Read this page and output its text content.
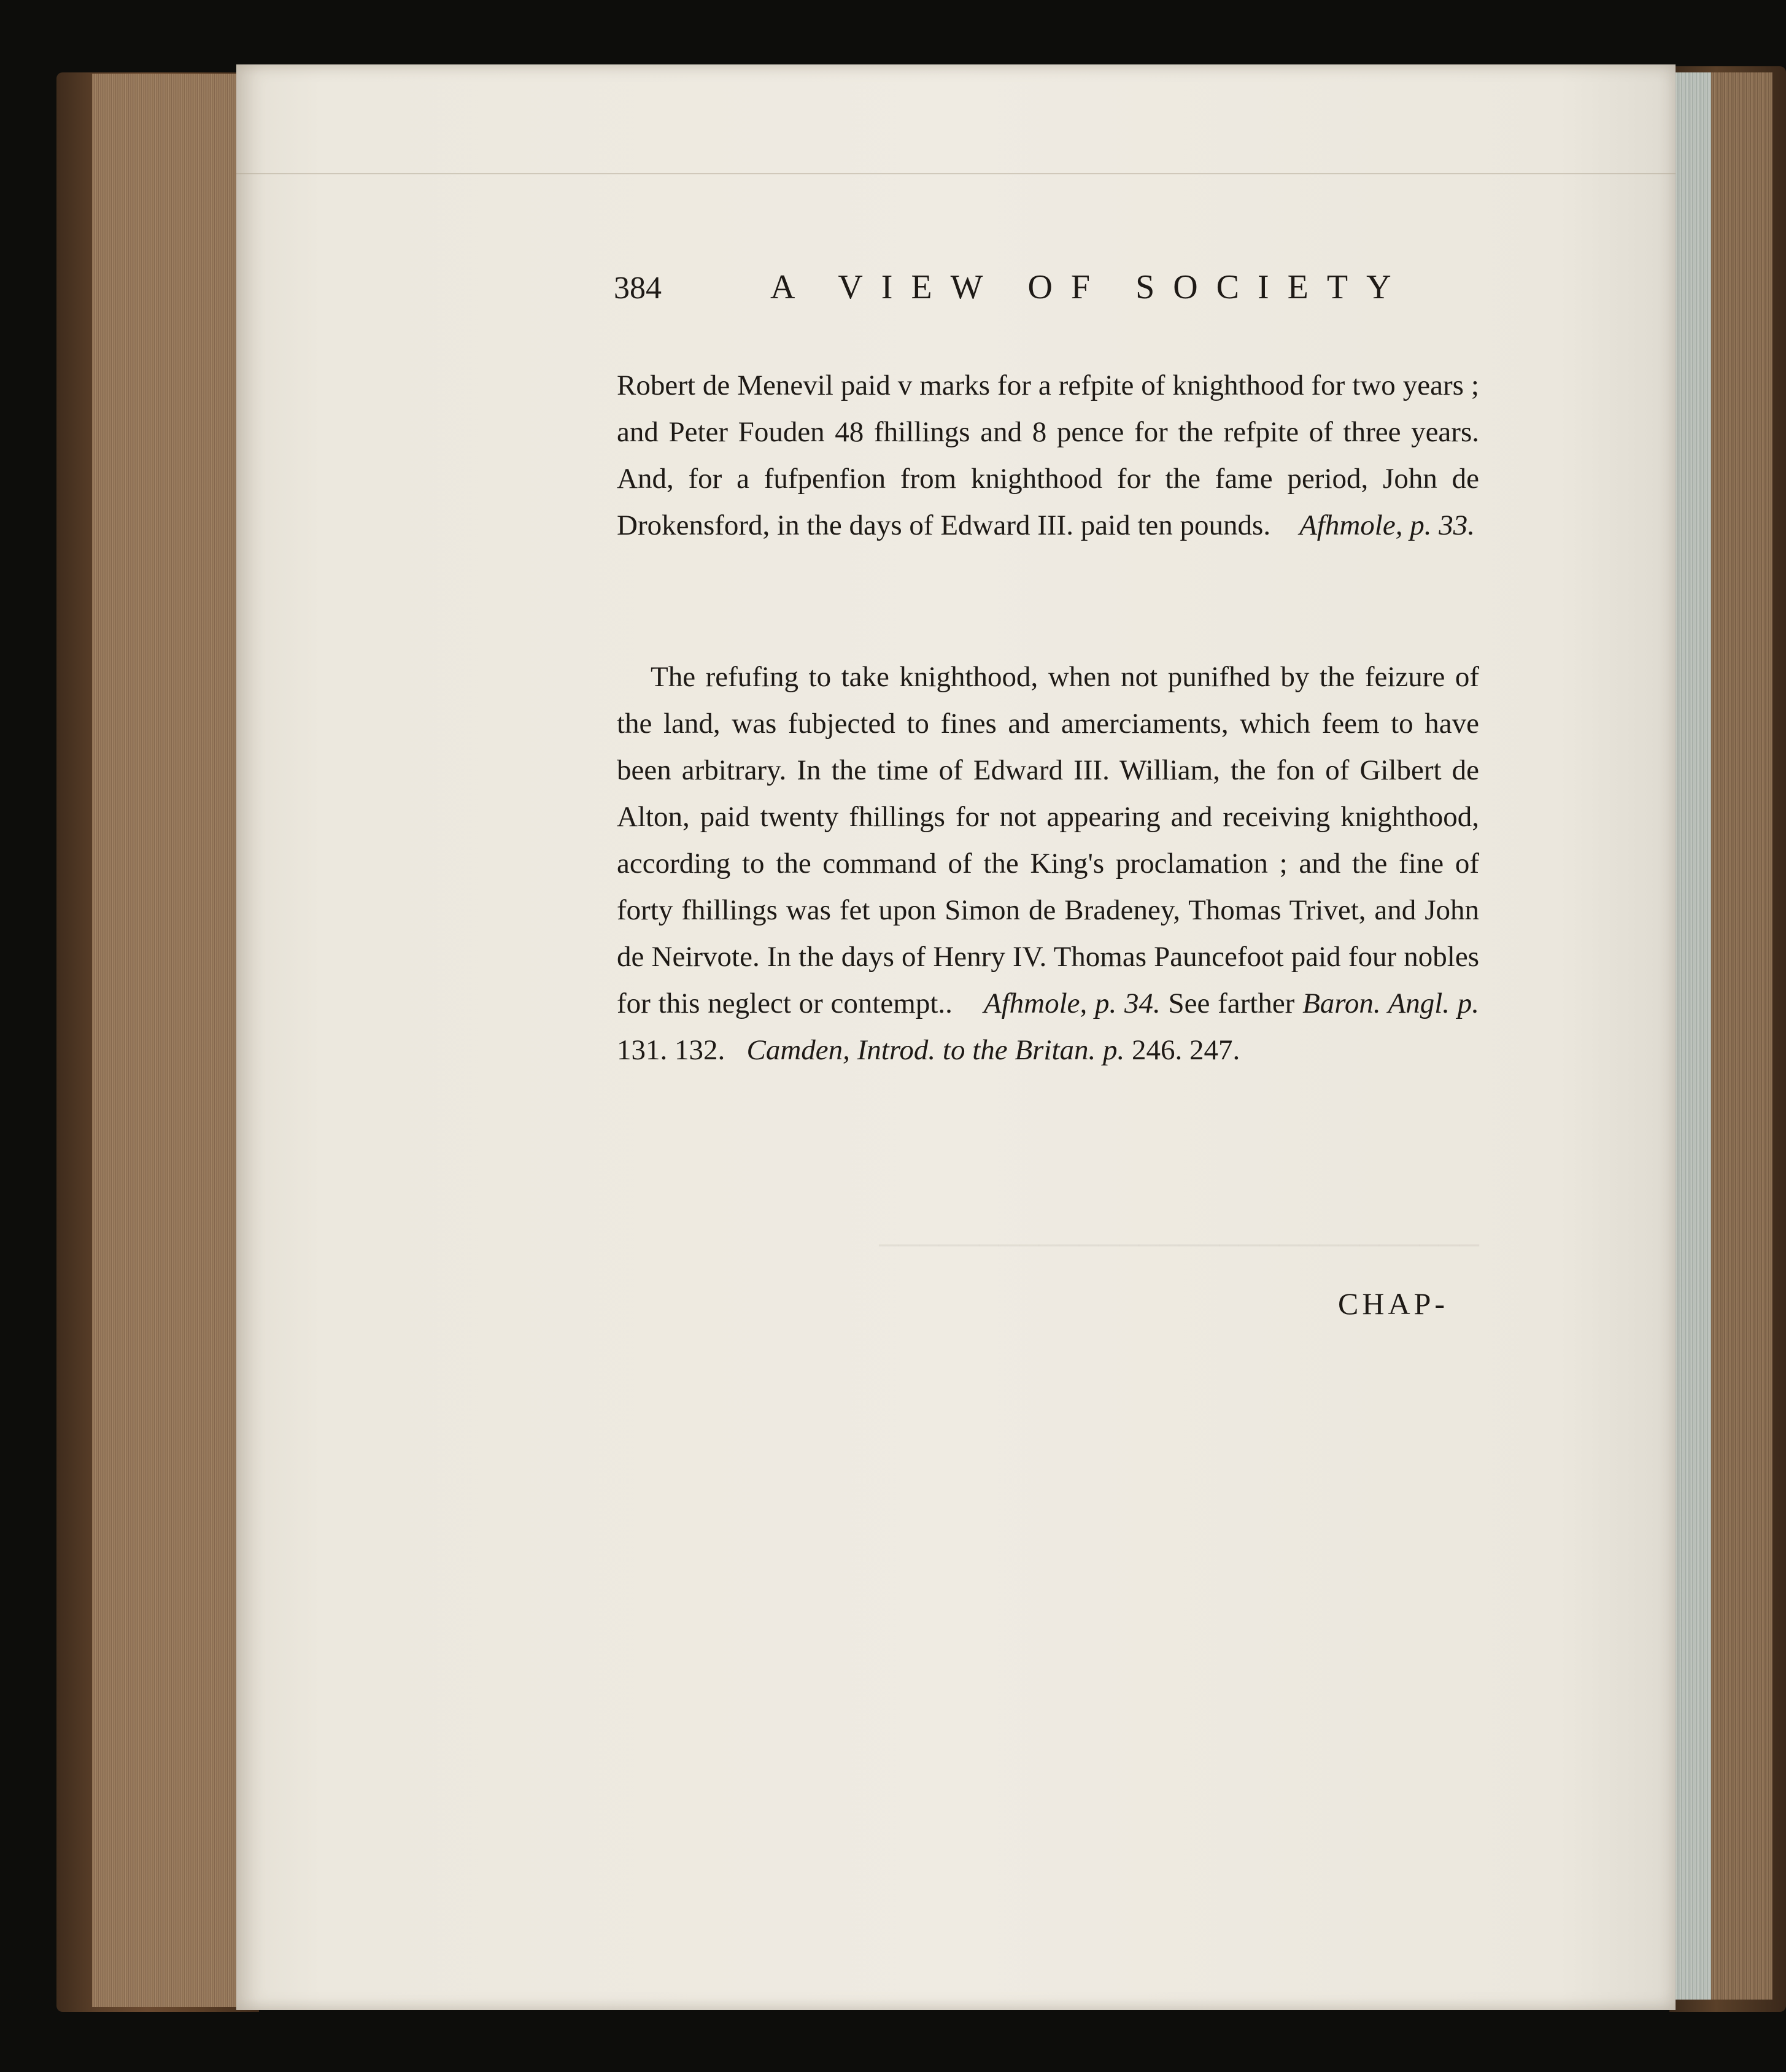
──────────────────────────────
384	A VIEW OF SOCIETY
Robert de Menevil paid v marks for a refpite of knighthood for two years ; and Peter Fouden 48 fhillings and 8 pence for the refpite of three years. And, for a fufpenfion from knighthood for the fame period, John de Drokensford, in the days of Edward III. paid ten pounds. Afhmole, p. 33.
The refufing to take knighthood, when not punifhed by the feizure of the land, was fubjected to fines and amerciaments, which feem to have been arbitrary. In the time of Edward III. William, the fon of Gilbert de Alton, paid twenty fhillings for not appearing and receiving knighthood, according to the command of the King's proclamation ; and the fine of forty fhillings was fet upon Simon de Bradeney, Thomas Trivet, and John de Neirvote. In the days of Henry IV. Thomas Pauncefoot paid four nobles for this neglect or contempt.. Afhmole, p. 34. See farther Baron. Angl. p. 131. 132. Camden, Introd. to the Britan. p. 246. 247.
CHAP-
